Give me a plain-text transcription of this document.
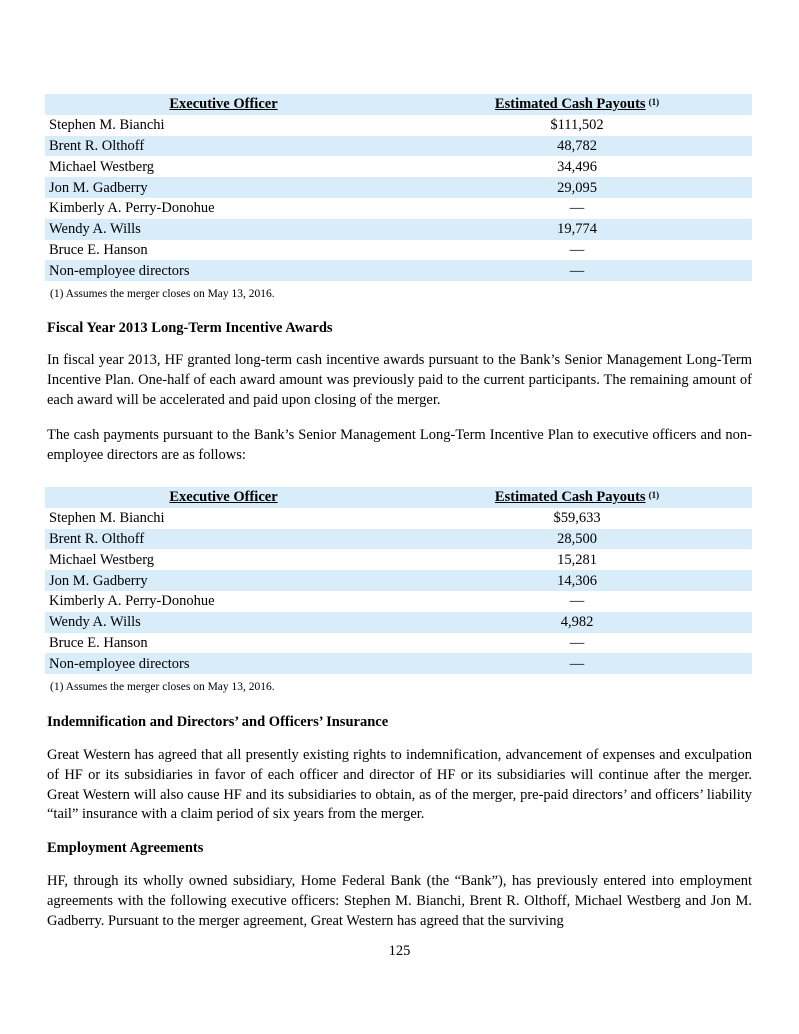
Executive Officer	Estimated Cash Payouts $^{(1)}$
Stephen M. Bianchi	$111,502
Brent R. Olthoff	48,782
Michael Westberg	34,496
Jon M. Gadberry	29,095
Kimberly A. Perry-Donohue	—
Wendy A. Wills	19,774
Bruce E. Hanson	—
Non-employee directors	—
(1) Assumes the merger closes on May 13, 2016.
Fiscal Year 2013 Long-Term Incentive Awards
In fiscal year 2013, HF granted long-term cash incentive awards pursuant to the Bank’s Senior Management Long-Term Incentive Plan. One-half of each award amount was previously paid to the current participants. The remaining amount of each award will be accelerated and paid upon closing of the merger.
The cash payments pursuant to the Bank’s Senior Management Long-Term Incentive Plan to executive officers and non-employee directors are as follows:
Executive Officer	Estimated Cash Payouts $^{(1)}$
Stephen M. Bianchi	$59,633
Brent R. Olthoff	28,500
Michael Westberg	15,281
Jon M. Gadberry	14,306
Kimberly A. Perry-Donohue	—
Wendy A. Wills	4,982
Bruce E. Hanson	—
Non-employee directors	—
(1) Assumes the merger closes on May 13, 2016.
Indemnification and Directors’ and Officers’ Insurance
Great Western has agreed that all presently existing rights to indemnification, advancement of expenses and exculpation of HF or its subsidiaries in favor of each officer and director of HF or its subsidiaries will continue after the merger. Great Western will also cause HF and its subsidiaries to obtain, as of the merger, pre-paid directors’ and officers’ liability “tail” insurance with a claim period of six years from the merger.
Employment Agreements
HF, through its wholly owned subsidiary, Home Federal Bank (the “Bank”), has previously entered into employment agreements with the following executive officers: Stephen M. Bianchi, Brent R. Olthoff, Michael Westberg and Jon M. Gadberry. Pursuant to the merger agreement, Great Western has agreed that the surviving
125
